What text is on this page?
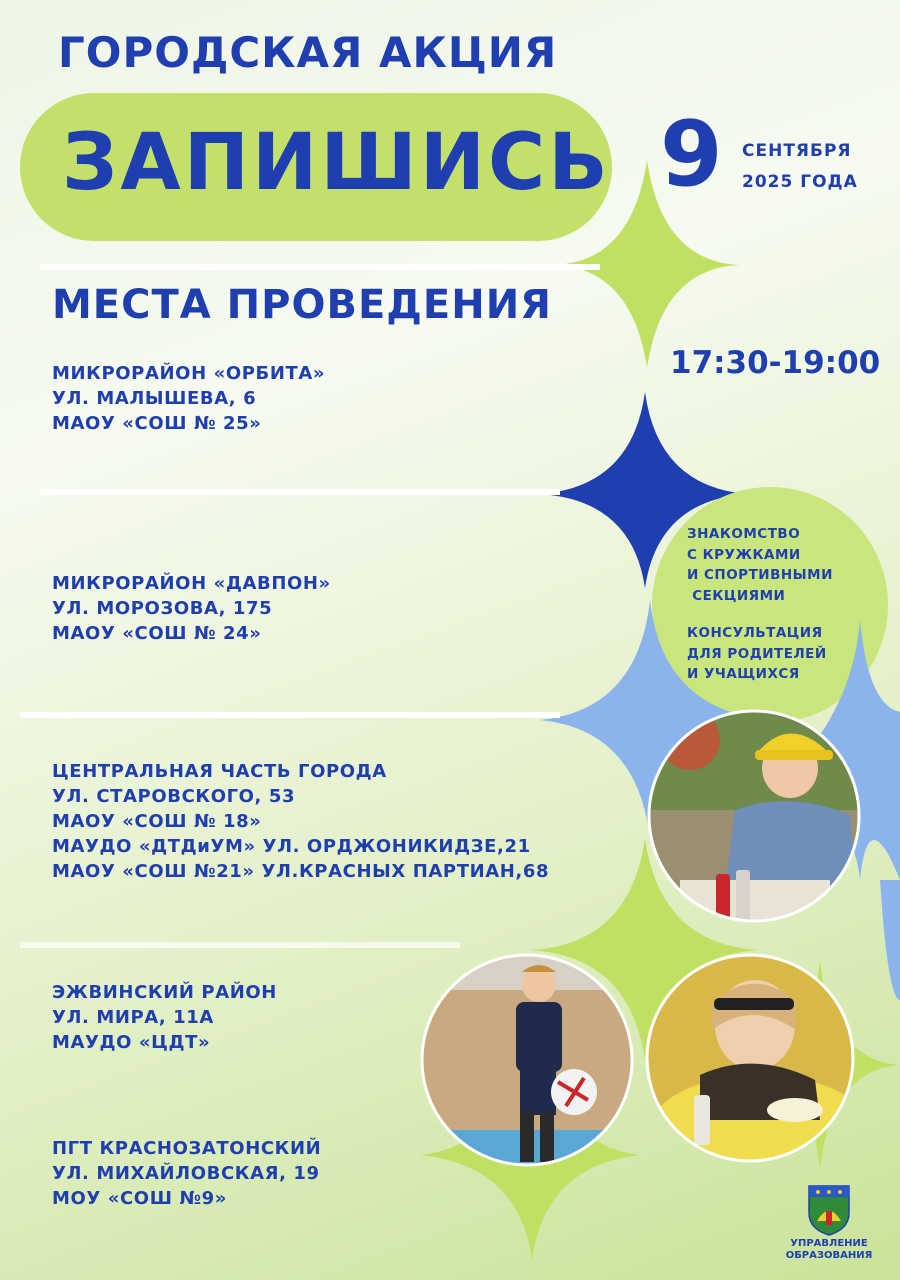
ГОРОДСКАЯ АКЦИЯ
ЗАПИШИСЬ 9 СЕНТЯБРЯ
2025 ГОДА
МЕСТА ПРОВЕДЕНИЯ
17:30-19:00
МИКРОРАЙОН «ОРБИТА»
УЛ. МАЛЫШЕВА, 6
МАОУ «СОШ № 25»
МИКРОРАЙОН «ДАВПОН»
УЛ. МОРОЗОВА, 175
МАОУ «СОШ № 24»
ЦЕНТРАЛЬНАЯ ЧАСТЬ ГОРОДА
УЛ. СТАРОВСКОГО, 53
МАОУ «СОШ № 18»
МАУДО «ДТДиУМ» УЛ. ОРДЖОНИКИДЗЕ,21
МАОУ «СОШ №21» УЛ.КРАСНЫХ ПАРТИАН,68
ЭЖВИНСКИЙ РАЙОН
УЛ. МИРА, 11А
МАУДО «ЦДТ»
ПГТ КРАСНОЗАТОНСКИЙ
УЛ. МИХАЙЛОВСКАЯ, 19
МОУ «СОШ №9»
ЗНАКОМСТВО
С КРУЖКАМИ
И СПОРТИВНЫМИ
СЕКЦИЯМИ
КОНСУЛЬТАЦИЯ
ДЛЯ РОДИТЕЛЕЙ
И УЧАЩИХСЯ
УПРАВЛЕНИЕ
ОБРАЗОВАНИЯ
